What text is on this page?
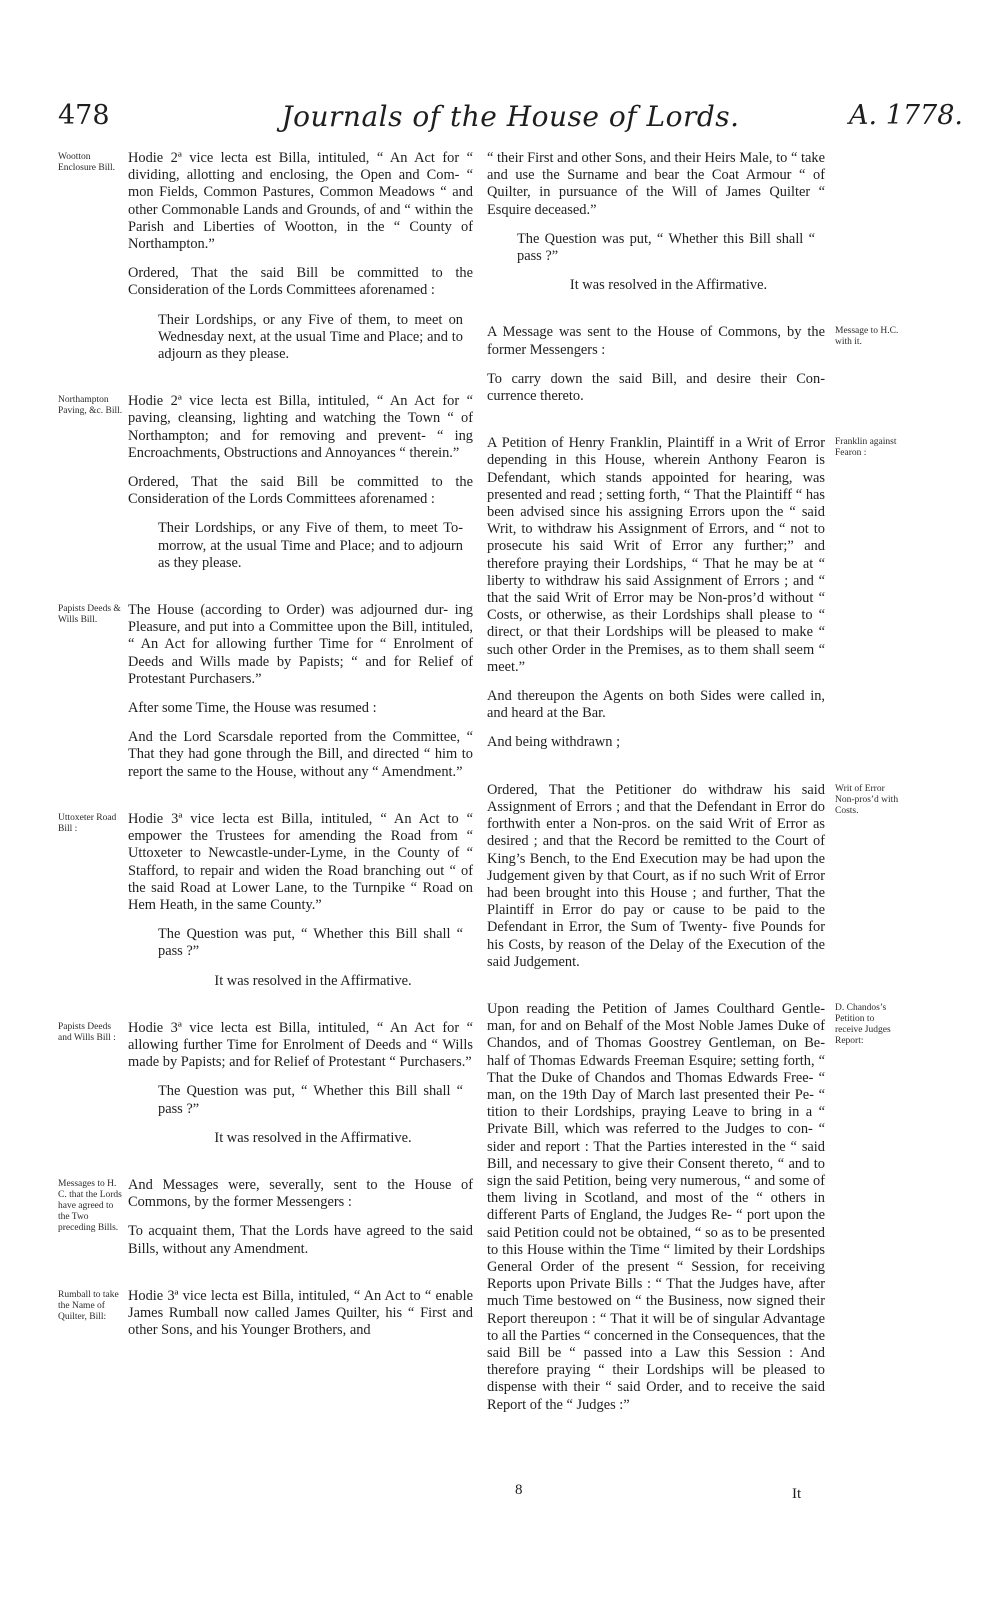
478	Journals of the House of Lords.	A. 1778.
Wootton Enclosure Bill.

Hodie 2ª vice lecta est Billa, intituled, “ An Act for “ dividing, allotting and enclosing, the Open and Com- “ mon Fields, Common Pastures, Common Meadows “ and other Commonable Lands and Grounds, of and “ within the Parish and Liberties of Wootton, in the “ County of Northampton.”

Ordered, That the said Bill be committed to the Consideration of the Lords Committees aforenamed :

Their Lordships, or any Five of them, to meet on Wednesday next, at the usual Time and Place; and to adjourn as they please.

Northampton Paving, &c. Bill.

Hodie 2ª vice lecta est Billa, intituled, “ An Act for “ paving, cleansing, lighting and watching the Town “ of Northampton; and for removing and prevent- “ ing Encroachments, Obstructions and Annoyances “ therein.”

Ordered, That the said Bill be committed to the Consideration of the Lords Committees aforenamed :

Their Lordships, or any Five of them, to meet To- morrow, at the usual Time and Place; and to adjourn as they please.

Papists Deeds & Wills Bill.

The House (according to Order) was adjourned dur- ing Pleasure, and put into a Committee upon the Bill, intituled, “ An Act for allowing further Time for “ Enrolment of Deeds and Wills made by Papists; “ and for Relief of Protestant Purchasers.”

After some Time, the House was resumed :

And the Lord Scarsdale reported from the Committee, “ That they had gone through the Bill, and directed “ him to report the same to the House, without any “ Amendment.”

Uttoxeter Road Bill :

Hodie 3ª vice lecta est Billa, intituled, “ An Act to “ empower the Trustees for amending the Road from “ Uttoxeter to Newcastle-under-Lyme, in the County of “ Stafford, to repair and widen the Road branching out “ of the said Road at Lower Lane, to the Turnpike “ Road on Hem Heath, in the same County.”

The Question was put, “ Whether this Bill shall “ pass ?”

It was resolved in the Affirmative.

Papists Deeds and Wills Bill :

Hodie 3ª vice lecta est Billa, intituled, “ An Act for “ allowing further Time for Enrolment of Deeds and “ Wills made by Papists; and for Relief of Protestant “ Purchasers.”

The Question was put, “ Whether this Bill shall “ pass ?”

It was resolved in the Affirmative.

Messages to H. C. that the Lords have agreed to the Two preceding Bills.

And Messages were, severally, sent to the House of Commons, by the former Messengers :

To acquaint them, That the Lords have agreed to the said Bills, without any Amendment.

Rumball to take the Name of Quilter, Bill:

Hodie 3ª vice lecta est Billa, intituled, “ An Act to “ enable James Rumball now called James Quilter, his “ First and other Sons, and his Younger Brothers, and

“ their First and other Sons, and their Heirs Male, to “ take and use the Surname and bear the Coat Armour “ of Quilter, in pursuance of the Will of James Quilter “ Esquire deceased.”

The Question was put, “ Whether this Bill shall “ pass ?”

It was resolved in the Affirmative.

Message to H.C. with it.

A Message was sent to the House of Commons, by the former Messengers :

To carry down the said Bill, and desire their Con- currence thereto.

Franklin against Fearon :

A Petition of Henry Franklin, Plaintiff in a Writ of Error depending in this House, wherein Anthony Fearon is Defendant, which stands appointed for hearing, was presented and read ; setting forth, “ That the Plaintiff “ has been advised since his assigning Errors upon the “ said Writ, to withdraw his Assignment of Errors, and “ not to prosecute his said Writ of Error any further;” and therefore praying their Lordships, “ That he may be at “ liberty to withdraw his said Assignment of Errors ; and “ that the said Writ of Error may be Non-pros’d without “ Costs, or otherwise, as their Lordships shall please to “ direct, or that their Lordships will be pleased to make “ such other Order in the Premises, as to them shall seem “ meet.”

And thereupon the Agents on both Sides were called in, and heard at the Bar.

And being withdrawn ;

Writ of Error Non-pros’d with Costs.

Ordered, That the Petitioner do withdraw his said Assignment of Errors ; and that the Defendant in Error do forthwith enter a Non-pros. on the said Writ of Error as desired ; and that the Record be remitted to the Court of King’s Bench, to the End Execution may be had upon the Judgement given by that Court, as if no such Writ of Error had been brought into this House ; and further, That the Plaintiff in Error do pay or cause to be paid to the Defendant in Error, the Sum of Twenty- five Pounds for his Costs, by reason of the Delay of the Execution of the said Judgement.

D. Chandos’s Petition to receive Judges Report:

Upon reading the Petition of James Coulthard Gentle- man, for and on Behalf of the Most Noble James Duke of Chandos, and of Thomas Goostrey Gentleman, on Be- half of Thomas Edwards Freeman Esquire; setting forth, “ That the Duke of Chandos and Thomas Edwards Free- “ man, on the 19th Day of March last presented their Pe- “ tition to their Lordships, praying Leave to bring in a “ Private Bill, which was referred to the Judges to con- “ sider and report : That the Parties interested in the “ said Bill, and necessary to give their Consent thereto, “ and to sign the said Petition, being very numerous, “ and some of them living in Scotland, and most of the “ others in different Parts of England, the Judges Re- “ port upon the said Petition could not be obtained, “ so as to be presented to this House within the Time “ limited by their Lordships General Order of the present “ Session, for receiving Reports upon Private Bills : “ That the Judges have, after much Time bestowed on “ the Business, now signed their Report thereupon : “ That it will be of singular Advantage to all the Parties “ concerned in the Consequences, that the said Bill be “ passed into a Law this Session : And therefore praying “ their Lordships will be pleased to dispense with their “ said Order, and to receive the said Report of the “ Judges :”

8	It
